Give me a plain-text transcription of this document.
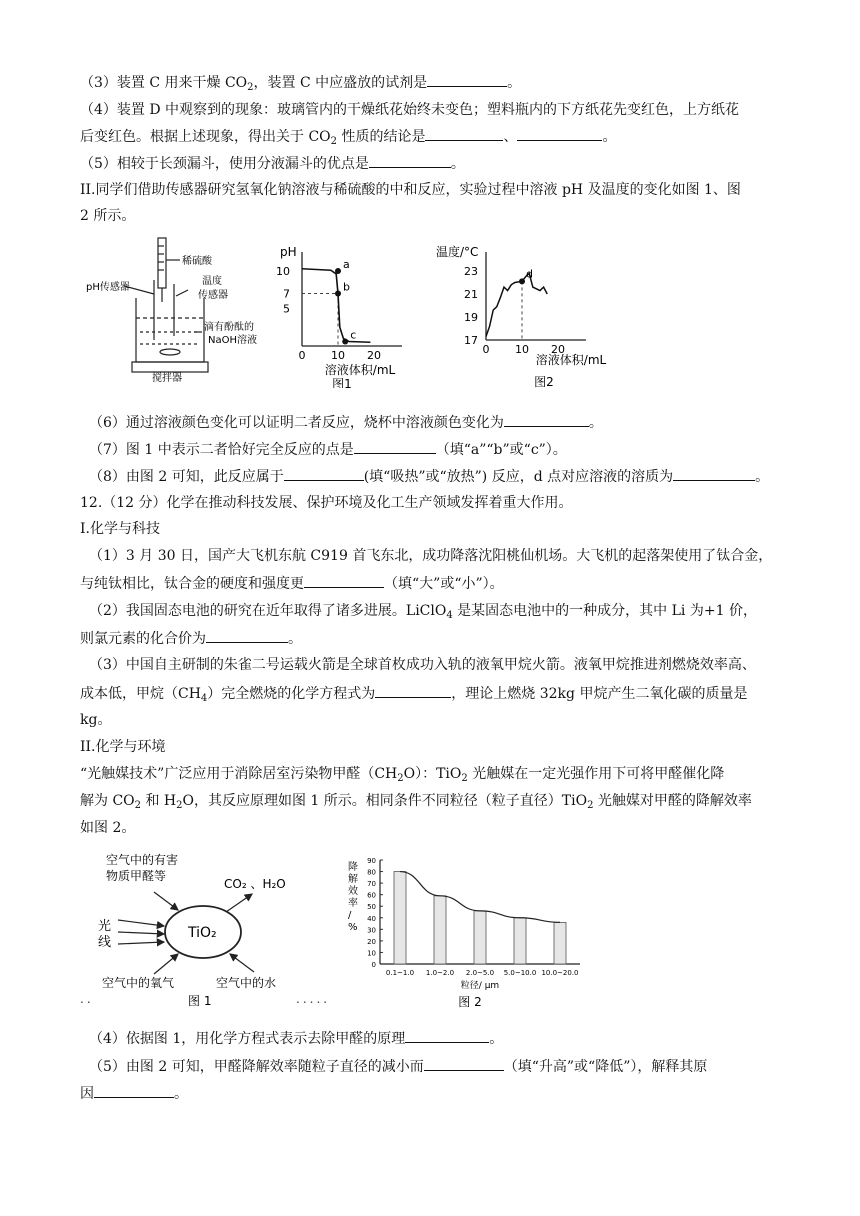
（3）装置 C 用来干燥 $CO_2$，装置 C 中应盛放的试剂是	。
（4）装置 D 中观察到的现象：玻璃管内的干燥纸花始终未变色；塑料瓶内的下方纸花先变红色，上方纸花
后变红色。根据上述现象，得出关于 $CO_2$ 性质的结论是	、	。
（5）相较于长颈漏斗，使用分液漏斗的优点是	。
II.同学们借助传感器研究氢氧化钠溶液与稀硫酸的中和反应，实验过程中溶液 pH 及温度的变化如图 1、图
2 所示。
稀硫酸
pH传感器
温度
传感器
滴有酚酞的
NaOH溶液
搅拌器
pH
5
7
10
0 10 20
溶液体积/mL
图1
a
b
c
温度/°C
17
19
21
23
0 10 20
溶液体积/mL
图2
d
（6）通过溶液颜色变化可以证明二者反应，烧杯中溶液颜色变化为	。
（7）图 1 中表示二者恰好完全反应的点是	（填“a”“b”或“c”）。
（8）由图 2 可知，此反应属于	(填“吸热”或“放热”) 反应，d 点对应溶液的溶质为	。
12.（12 分）化学在推动科技发展、保护环境及化工生产领域发挥着重大作用。
I.化学与科技
（1）3 月 30 日，国产大飞机东航 C919 首飞东北，成功降落沈阳桃仙机场。大飞机的起落架使用了钛合金，
与纯钛相比，钛合金的硬度和强度更	（填“大”或“小”）。
（2）我国固态电池的研究在近年取得了诸多进展。LiClO$_4$ 是某固态电池中的一种成分，其中 Li 为+1 价，
则氯元素的化合价为	。
（3）中国自主研制的朱雀二号运载火箭是全球首枚成功入轨的液氧甲烷火箭。液氧甲烷推进剂燃烧效率高、
成本低，甲烷$(CH_4)$完全燃烧的化学方程式为	，理论上燃烧 32kg 甲烷产生二氧化碳的质量是
kg。
II.化学与环境
“光触媒技术”广泛应用于消除居室污染物甲醛$(CH_2O)$：TiO$_2$ 光触媒在一定光强作用下可将甲醛催化降
解为 $CO_2$ 和 $H_2O$，其反应原理如图 1 所示。相同条件不同粒径（粒子直径）TiO$_2$ 光触媒对甲醛的降解效率
如图 2。
空气中的有害
物质甲醛等
CO₂ 、H₂O
光
线
TiO₂
空气中的氧气	空气中的水
图 1
..	.....
0
10
20
30
40
50
60
70
80
90
降
解
效
率
/
%
0.1~1.0 1.0~2.0 2.0~5.0 5.0~10.0 10.0~20.0
粒径/ μm
图 2
（4）依据图 1，用化学方程式表示去除甲醛的原理	。
（5）由图 2 可知，甲醛降解效率随粒子直径的减小而	（填“升高”或“降低”），解释其原
因	。
